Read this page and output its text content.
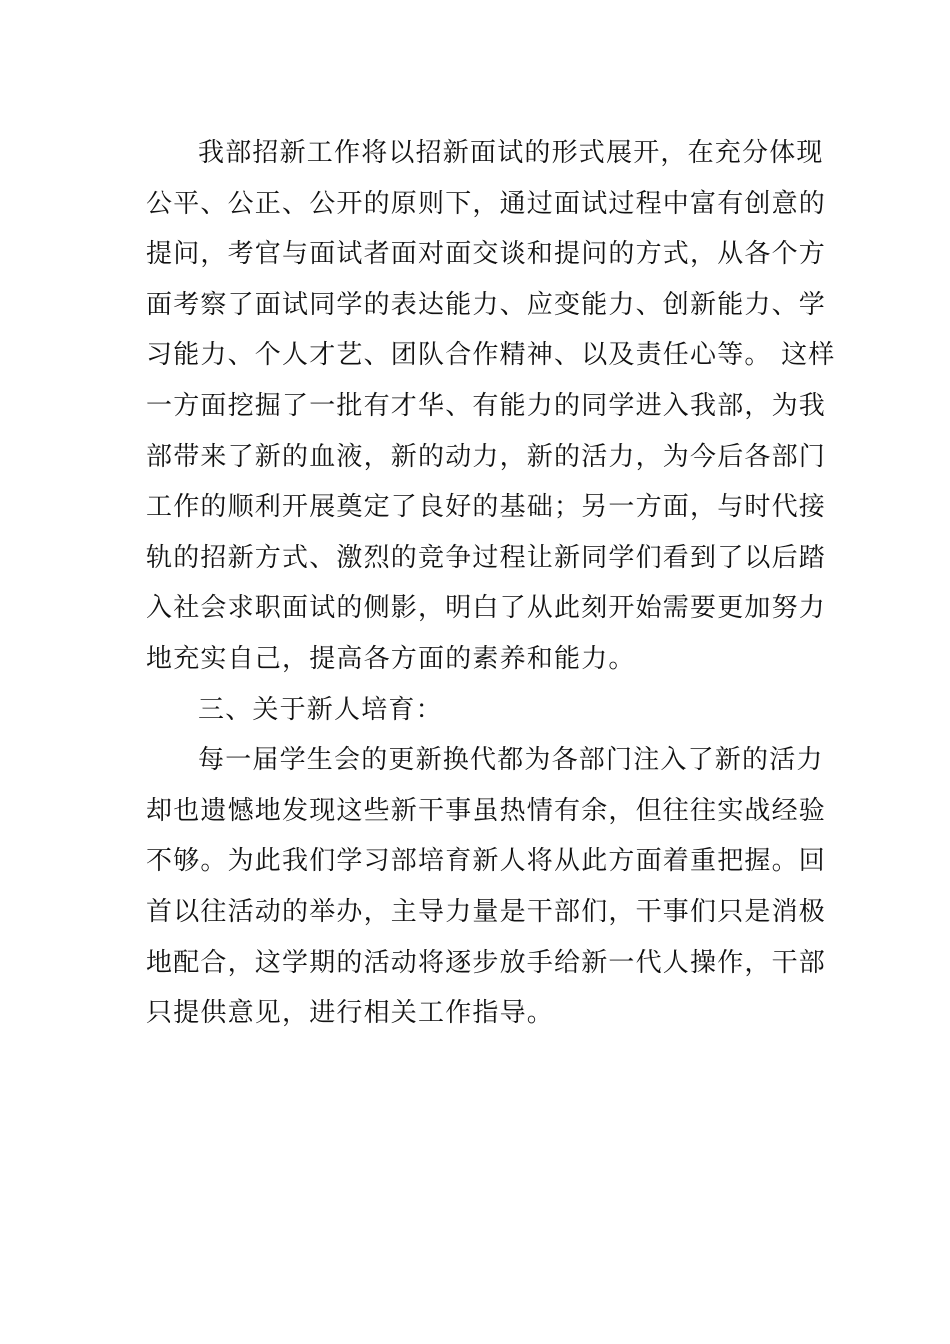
我部招新工作将以招新面试的形式展开，在充分体现
公平、公正、公开的原则下，通过面试过程中富有创意的
提问，考官与面试者面对面交谈和提问的方式，从各个方
面考察了面试同学的表达能力、应变能力、创新能力、学
习能力、个人才艺、团队合作精神、以及责任心等。 这样
一方面挖掘了一批有才华、有能力的同学进入我部，为我
部带来了新的血液，新的动力，新的活力，为今后各部门
工作的顺利开展奠定了良好的基础；另一方面，与时代接
轨的招新方式、激烈的竞争过程让新同学们看到了以后踏
入社会求职面试的侧影，明白了从此刻开始需要更加努力
地充实自己，提高各方面的素养和能力。
三、关于新人培育：
每一届学生会的更新换代都为各部门注入了新的活力
却也遗憾地发现这些新干事虽热情有余，但往往实战经验
不够。为此我们学习部培育新人将从此方面着重把握。回
首以往活动的举办，主导力量是干部们，干事们只是消极
地配合，这学期的活动将逐步放手给新一代人操作，干部
只提供意见，进行相关工作指导。
